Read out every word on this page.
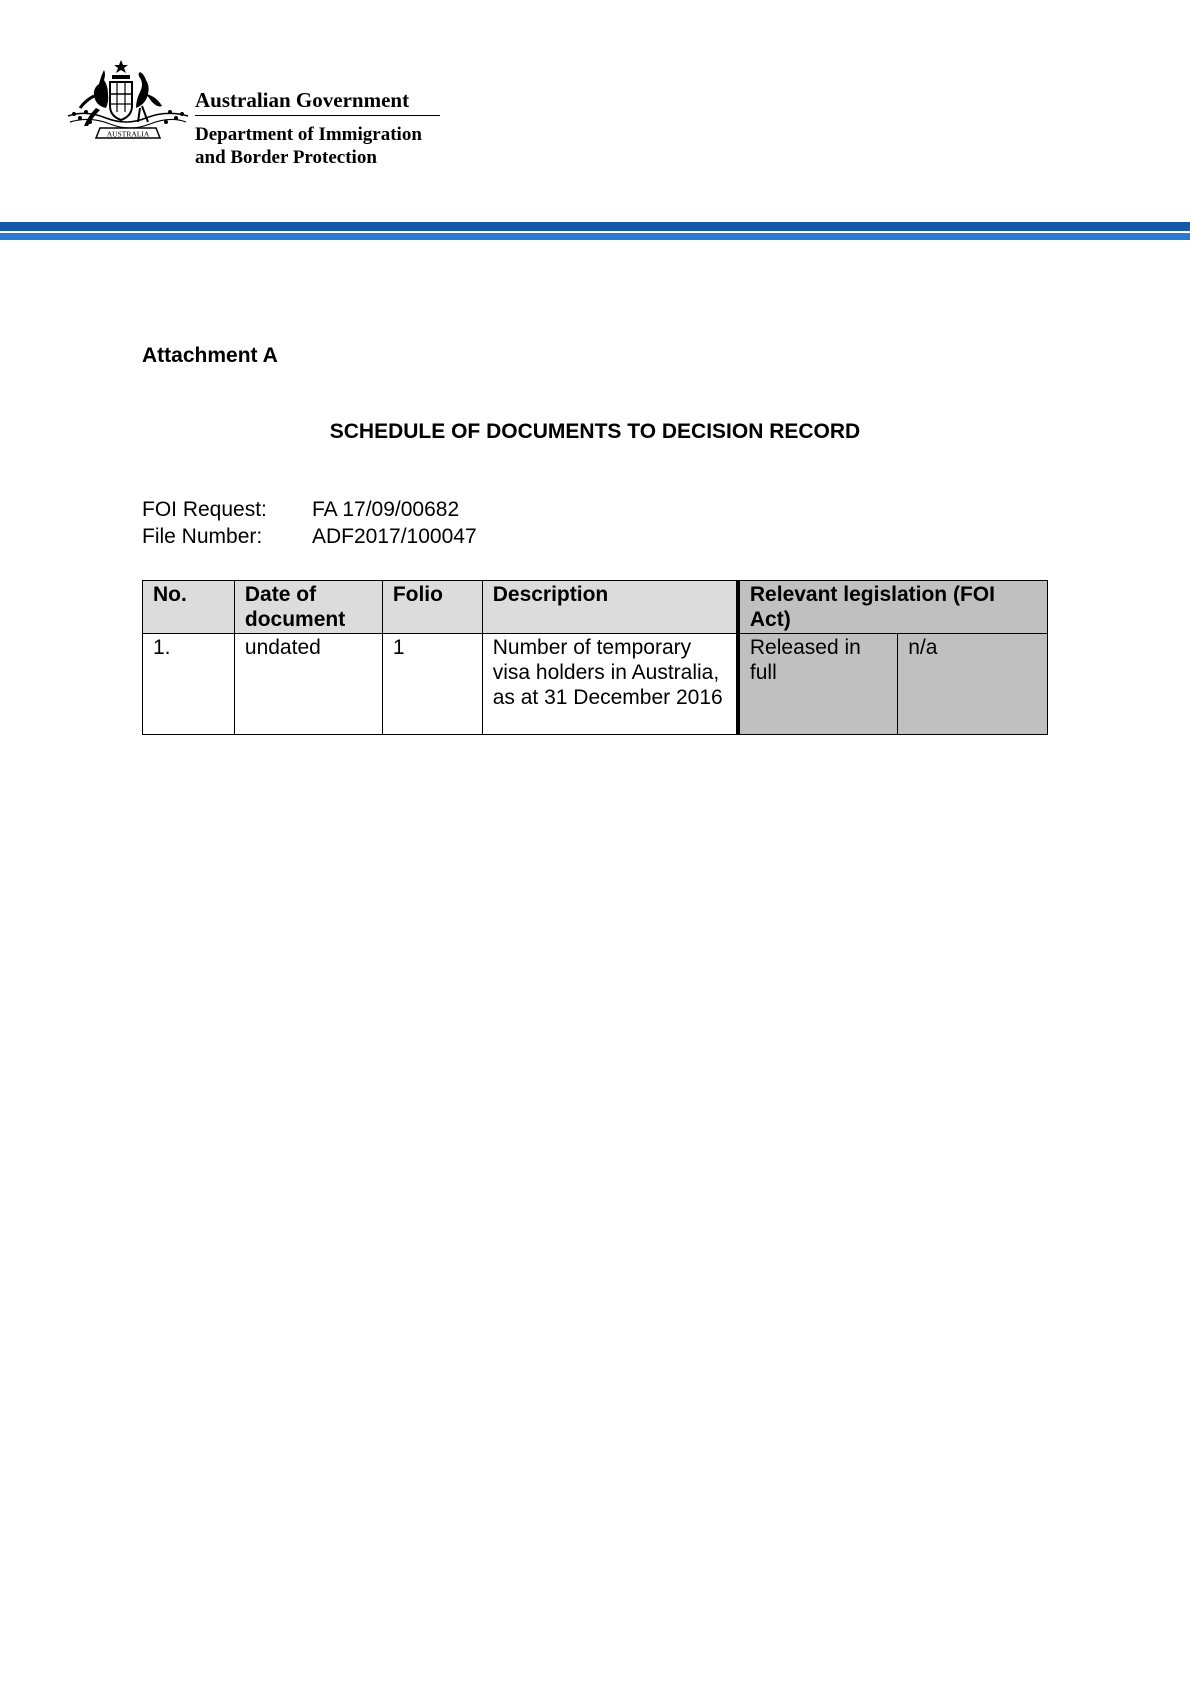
AUSTRALIA
Australian Government
Department of Immigration
and Border Protection
Attachment A
SCHEDULE OF DOCUMENTS TO DECISION RECORD
FOI Request:	FA 17/09/00682
File Number:	ADF2017/100047
No.	Date of document	Folio	Description	Relevant legislation (FOI Act)	
1.	undated	1	Number of temporary visa holders in Australia, as at 31 December 2016	Released in full	n/a
